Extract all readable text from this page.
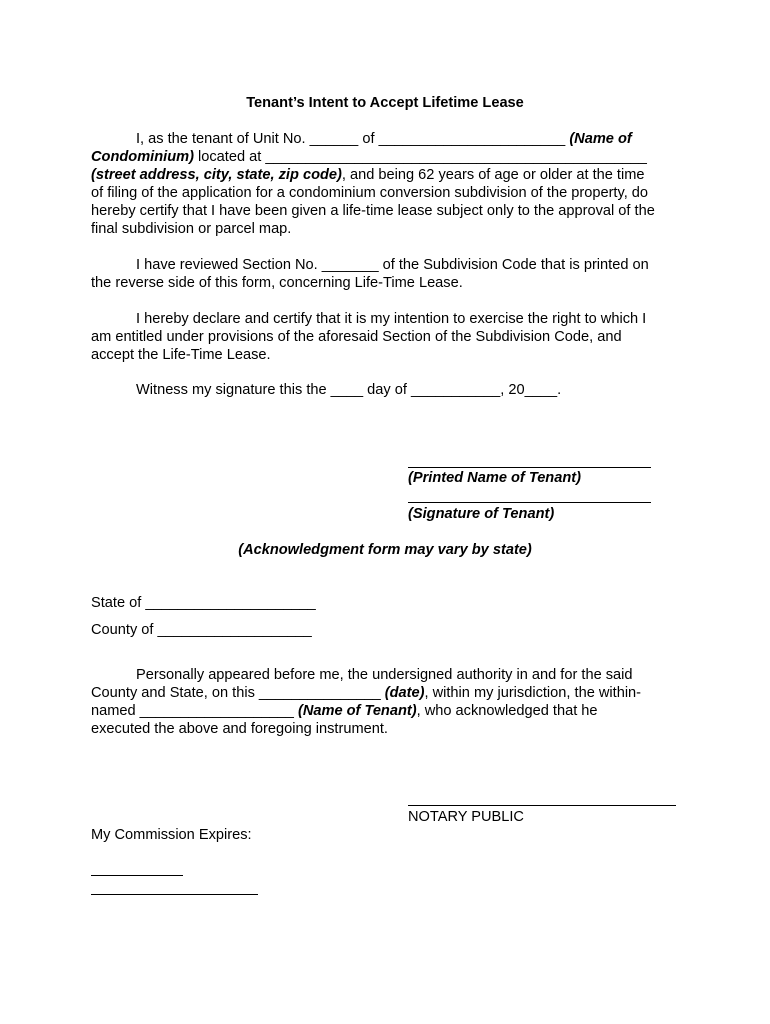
Tenant’s Intent to Accept Lifetime Lease
I, as the tenant of Unit No. ______ of _______________________ (Name of
Condominium) located at _______________________________________________
(street address, city, state, zip code), and being 62 years of age or older at the time
of filing of the application for a condominium conversion subdivision of the property, do
hereby certify that I have been given a life-time lease subject only to the approval of the
final subdivision or parcel map.
I have reviewed Section No. _______ of the Subdivision Code that is printed on
the reverse side of this form, concerning Life-Time Lease.
I hereby declare and certify that it is my intention to exercise the right to which I
am entitled under provisions of the aforesaid Section of the Subdivision Code, and
accept the Life-Time Lease.
Witness my signature this the ____ day of ___________, 20____.
(Printed Name of Tenant)
(Signature of Tenant)
(Acknowledgment form may vary by state)
State of _____________________
County of ___________________
Personally appeared before me, the undersigned authority in and for the said
County and State, on this _______________ (date), within my jurisdiction, the within-
named ___________________ (Name of Tenant), who acknowledged that he
executed the above and foregoing instrument.
NOTARY PUBLIC
My Commission Expires:
